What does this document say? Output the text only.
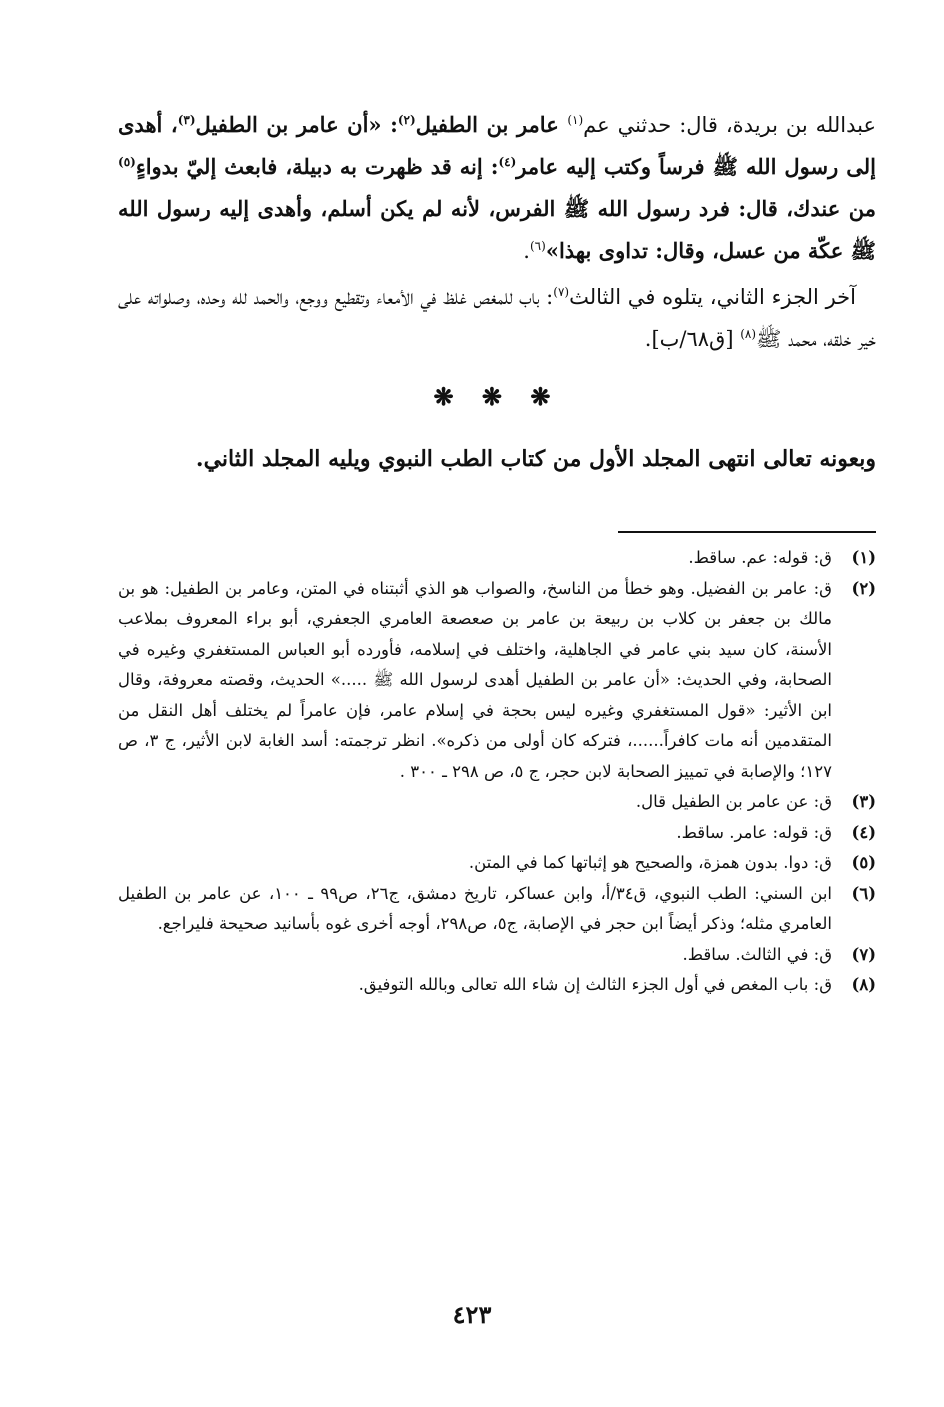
عبدالله بن بريدة، قال: حدثني عم$^{(١)}$ عامر بن الطفيل$^{(٢)}$: «أن عامر بن الطفيل$^{(٣)}$، أهدى إلى رسول الله ﷺ فرساً وكتب إليه عامر$^{(٤)}$: إنه قد ظهرت به دبيلة، فابعث إليّ بدواءٍ$^{(٥)}$ من عندك، قال: فرد رسول الله ﷺ الفرس، لأنه لم يكن أسلم، وأهدى إليه رسول الله ﷺ عكّة من عسل، وقال: تداوى بهذا»$^{(٦)}$.

آخر الجزء الثاني، يتلوه في الثالث$^{(٧)}$: باب للمغص غلظ في الأمعاء وتقطيع ووجع، والحمد لله وحده، وصلواته على خير خلقه، محمد ﷺ$^{(٨)}$ [ق٦٨/ب].

❋ ❋ ❋

وبعونه تعالى انتهى المجلد الأول من كتاب الطب النبوي ويليه المجلد الثاني.

(١)
ق: قوله: عم. ساقط.
(٢)
ق: عامر بن الفضيل. وهو خطأ من الناسخ، والصواب هو الذي أثبتناه في المتن، وعامر بن الطفيل: هو بن مالك بن جعفر بن كلاب بن ربيعة بن عامر بن صعصعة العامري الجعفري، أبو براء المعروف بملاعب الأسنة، كان سيد بني عامر في الجاهلية، واختلف في إسلامه، فأورده أبو العباس المستغفري وغيره في الصحابة، وفي الحديث: «أن عامر بن الطفيل أهدى لرسول الله ﷺ .....» الحديث، وقصته معروفة، وقال ابن الأثير: «قول المستغفري وغيره ليس بحجة في إسلام عامر، فإن عامراً لم يختلف أهل النقل من المتقدمين أنه مات كافراً......، فتركه كان أولى من ذكره». انظر ترجمته: أسد الغابة لابن الأثير، ج ٣، ص ١٢٧؛ والإصابة في تمييز الصحابة لابن حجر، ج ٥، ص ٢٩٨ ـ ٣٠٠ .
(٣)
ق: عن عامر بن الطفيل قال.
(٤)
ق: قوله: عامر. ساقط.
(٥)
ق: دوا. بدون همزة، والصحيح هو إثباتها كما في المتن.
(٦)
ابن السني: الطب النبوي، ق٣٤/أ، وابن عساكر، تاريخ دمشق، ج٢٦، ص٩٩ ـ ١٠٠، عن عامر بن الطفيل العامري مثله؛ وذكر أيضاً ابن حجر في الإصابة، ج٥، ص٢٩٨، أوجه أخرى غوه بأسانيد صحيحة فليراجع.
(٧)
ق: في الثالث. ساقط.
(٨)
ق: باب المغص في أول الجزء الثالث إن شاء الله تعالى وبالله التوفيق.
٤٢٣
